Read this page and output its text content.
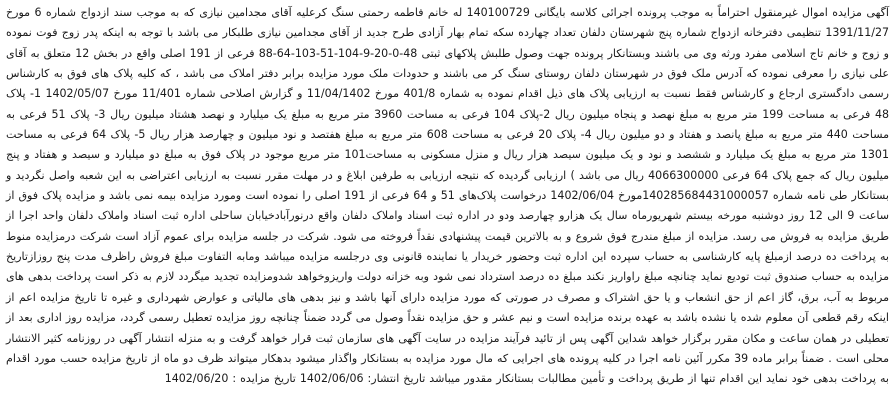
آگهی مزایده اموال غیرمنقول احتراماً به موجب پرونده اجرائی کلاسه بایگانی 140100729 له خانم فاطمه رحمتی سنگ کرعلیه آقای مجدامین نیازی که به موجب سند ازدواج شماره 6 مورخ 1391/11/27 تنظیمی دفترخانه ازدواج شماره پنج شهرستان دلفان تعداد چهارده سکه تمام بهار آزادی طرح جدید از آقای مجدامین نیازی طلبکار می باشد با توجه به اینکه پدر زوج فوت نموده و زوج و خانم تاج اسلامی مفرد ورثه وی می باشند وبستانکار پرونده جهت وصول طلبش پلاکهای ثبتی 48-0-20-9-104-51-103-64-88 فرعی از 191 اصلی واقع در بخش 12 متعلق به آقای علی نیازی را معرفی نموده که آدرس ملک فوق در شهرستان دلفان روستای سنگ کر می باشند و حدودات ملک مورد مزایده برابر دفتر املاک می باشد ، که کلیه پلاک های فوق به کارشناس رسمی دادگستری ارجاع و کارشناس فقط نسبت به ارزیابی پلاک های ذیل اقدام نموده به شماره 401/8 مورخ 11/04/1402 و گزارش اصلاحی شماره 11/401 مورخ 1402/05/07 1- پلاک 48 فرعی به مساحت 199 متر مربع به مبلغ نهصد و پنجاه میلیون ریال 2-پلاک 104 فرعی به مساحت 3960 متر مربع به مبلغ یک میلیارد و نهصد هشتاد میلیون ریال 3- پلاک 51 فرعی به مساحت 440 متر مربع به مبلغ پانصد و هفتاد و دو میلیون ریال 4- پلاک 20 فرعی به مساحت 608 متر مربع به مبلغ هفتصد و نود میلیون و چهارصد هزار ریال 5- پلاک 64 فرعی به مساحت 1301 متر مربع به مبلغ یک میلیارد و ششصد و نود و یک میلیون سیصد هزار ریال و منزل مسکونی به مساحت101 متر مربع موجود در پلاک فوق به مبلغ دو میلیارد و سیصد و هفتاد و پنج میلیون ریال که جمع پلاک 64 فرعی 4066300000 ریال می باشد ) ارزیابی گردیده که نتیجه ارزیابی به طرفین ابلاغ و در مهلت مقرر نسبت به ارزیابی اعتراضی به این شعبه واصل نگردید و بستانکار طی نامه شماره 140285684431000057مورخ 1402/06/04 درخواست پلاک‌های 51 و 64 فرعی از 191 اصلی را نموده است ومورد مزایده بیمه نمی باشد و مزایده پلاک فوق از ساعت 9 الی 12 روز دوشنبه مورخه بیستم شهریورماه سال یک هزارو چهارصد ودو در اداره ثبت اسناد واملاک دلفان واقع درنورآبادخیابان ساحلی اداره ثبت اسناد واملاک دلفان واحد اجرا از طریق مزایده به فروش می رسد. مزایده از مبلغ مندرج فوق شروع و به بالاترین قیمت پیشنهادی نقداً فروخته می شود. شرکت در جلسه مزایده برای عموم آزاد است شرکت درمزایده منوط به پرداخت ده درصد ازمبلغ پایه کارشناسی به حساب سپرده این اداره ثبت وحضور خریدار یا نماینده قانونی وی درجلسه مزایده میباشد ومابه التفاوت مبلغ فروش راظرف مدت پنج روزازتاریخ مزایده به حساب صندوق ثبت تودیع نماید چنانچه مبلغ راواریز نکند مبلغ ده درصد استرداد نمی شود وبه خزانه دولت واریزوخواهد شدومزایده تجدید میگردد لازم به ذکر است پرداخت بدهی های مربوط به آب، برق، گاز اعم از حق انشعاب و یا حق اشتراک و مصرف در صورتی که مورد مزایده دارای آنها باشد و نیز بدهی های مالیاتی و عوارض شهرداری و غیره تا تاریخ مزایده اعم از اینکه رقم قطعی آن معلوم شده یا نشده باشد به عهده برنده مزایده است و نیم عشر و حق مزایده نقداً وصول می گردد ضمناً چنانچه روز مزایده تعطیل رسمی گردد، مزایده روز اداری بعد از تعطیلی در همان ساعت و مکان مقرر برگزار خواهد شداین آگهی پس از تائید فرآیند مزایده در سایت آگهی های سازمان ثبت قرار خواهد گرفت و به منزله انتشار آگهی در روزنامه کثیر الانتشار محلی است . ضمناً برابر ماده 39 مکرر آئین نامه اجرا در کلیه پرونده های اجرایی که مال مورد مزایده به بستانکار واگذار میشود بدهکار میتواند ظرف دو ماه از تاریخ مزایده حسب مورد اقدام به پرداخت بدهی خود نماید این اقدام تنها از طریق پرداخت و تأمین مطالبات بستانکار مقدور میباشد تاریخ انتشار: 1402/06/06 تاریخ مزایده : 1402/06/20
